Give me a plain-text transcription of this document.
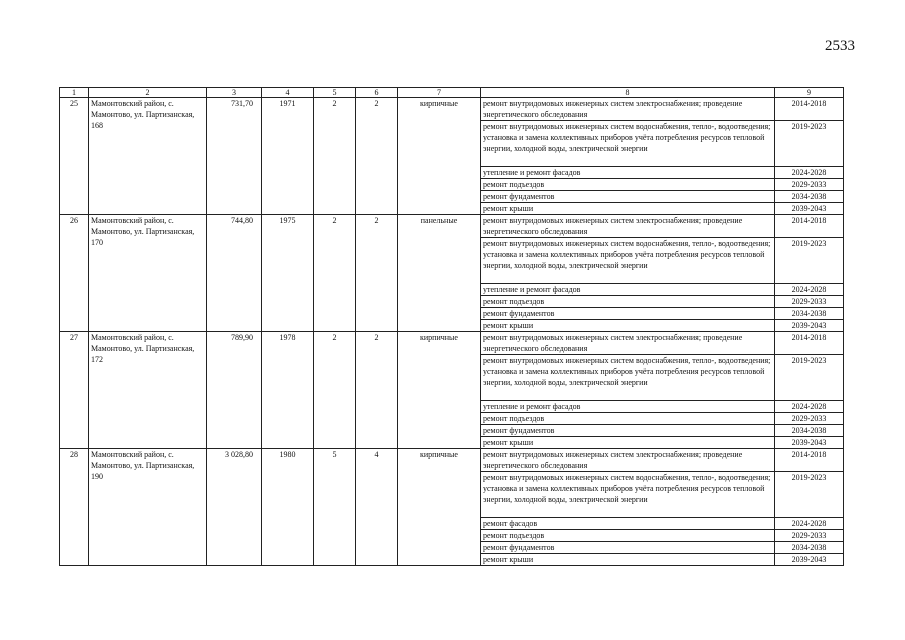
2533
1	2	3	4	5	6	7	8	9
25	Мамонтовский район, с. Мамонтово, ул. Партизанская, 168	731,70	1971	2	2	кирпичные	ремонт внутридомовых инженерных систем электроснабжения; проведение энергетического обследования	2014-2018
							ремонт внутридомовых инженерных систем водоснабжения, тепло-, водоотведения; установка и замена коллективных приборов учёта потребления ресурсов тепловой энергии, холодной воды, электрической энергии	2019-2023
							утепление и ремонт фасадов	2024-2028
							ремонт подъездов	2029-2033
							ремонт фундаментов	2034-2038
							ремонт крыши	2039-2043
26	Мамонтовский район, с. Мамонтово, ул. Партизанская, 170	744,80	1975	2	2	панельные	ремонт внутридомовых инженерных систем электроснабжения; проведение энергетического обследования	2014-2018
							ремонт внутридомовых инженерных систем водоснабжения, тепло-, водоотведения; установка и замена коллективных приборов учёта потребления ресурсов тепловой энергии, холодной воды, электрической энергии	2019-2023
							утепление и ремонт фасадов	2024-2028
							ремонт подъездов	2029-2033
							ремонт фундаментов	2034-2038
							ремонт крыши	2039-2043
27	Мамонтовский район, с. Мамонтово, ул. Партизанская, 172	789,90	1978	2	2	кирпичные	ремонт внутридомовых инженерных систем электроснабжения; проведение энергетического обследования	2014-2018
							ремонт внутридомовых инженерных систем водоснабжения, тепло-, водоотведения; установка и замена коллективных приборов учёта потребления ресурсов тепловой энергии, холодной воды, электрической энергии	2019-2023
							утепление и ремонт фасадов	2024-2028
							ремонт подъездов	2029-2033
							ремонт фундаментов	2034-2038
							ремонт крыши	2039-2043
28	Мамонтовский район, с. Мамонтово, ул. Партизанская, 190	3 028,80	1980	5	4	кирпичные	ремонт внутридомовых инженерных систем электроснабжения; проведение энергетического обследования	2014-2018
							ремонт внутридомовых инженерных систем водоснабжения, тепло-, водоотведения; установка и замена коллективных приборов учёта потребления ресурсов тепловой энергии, холодной воды, электрической энергии	2019-2023
							ремонт фасадов	2024-2028
							ремонт подъездов	2029-2033
							ремонт фундаментов	2034-2038
							ремонт крыши	2039-2043
